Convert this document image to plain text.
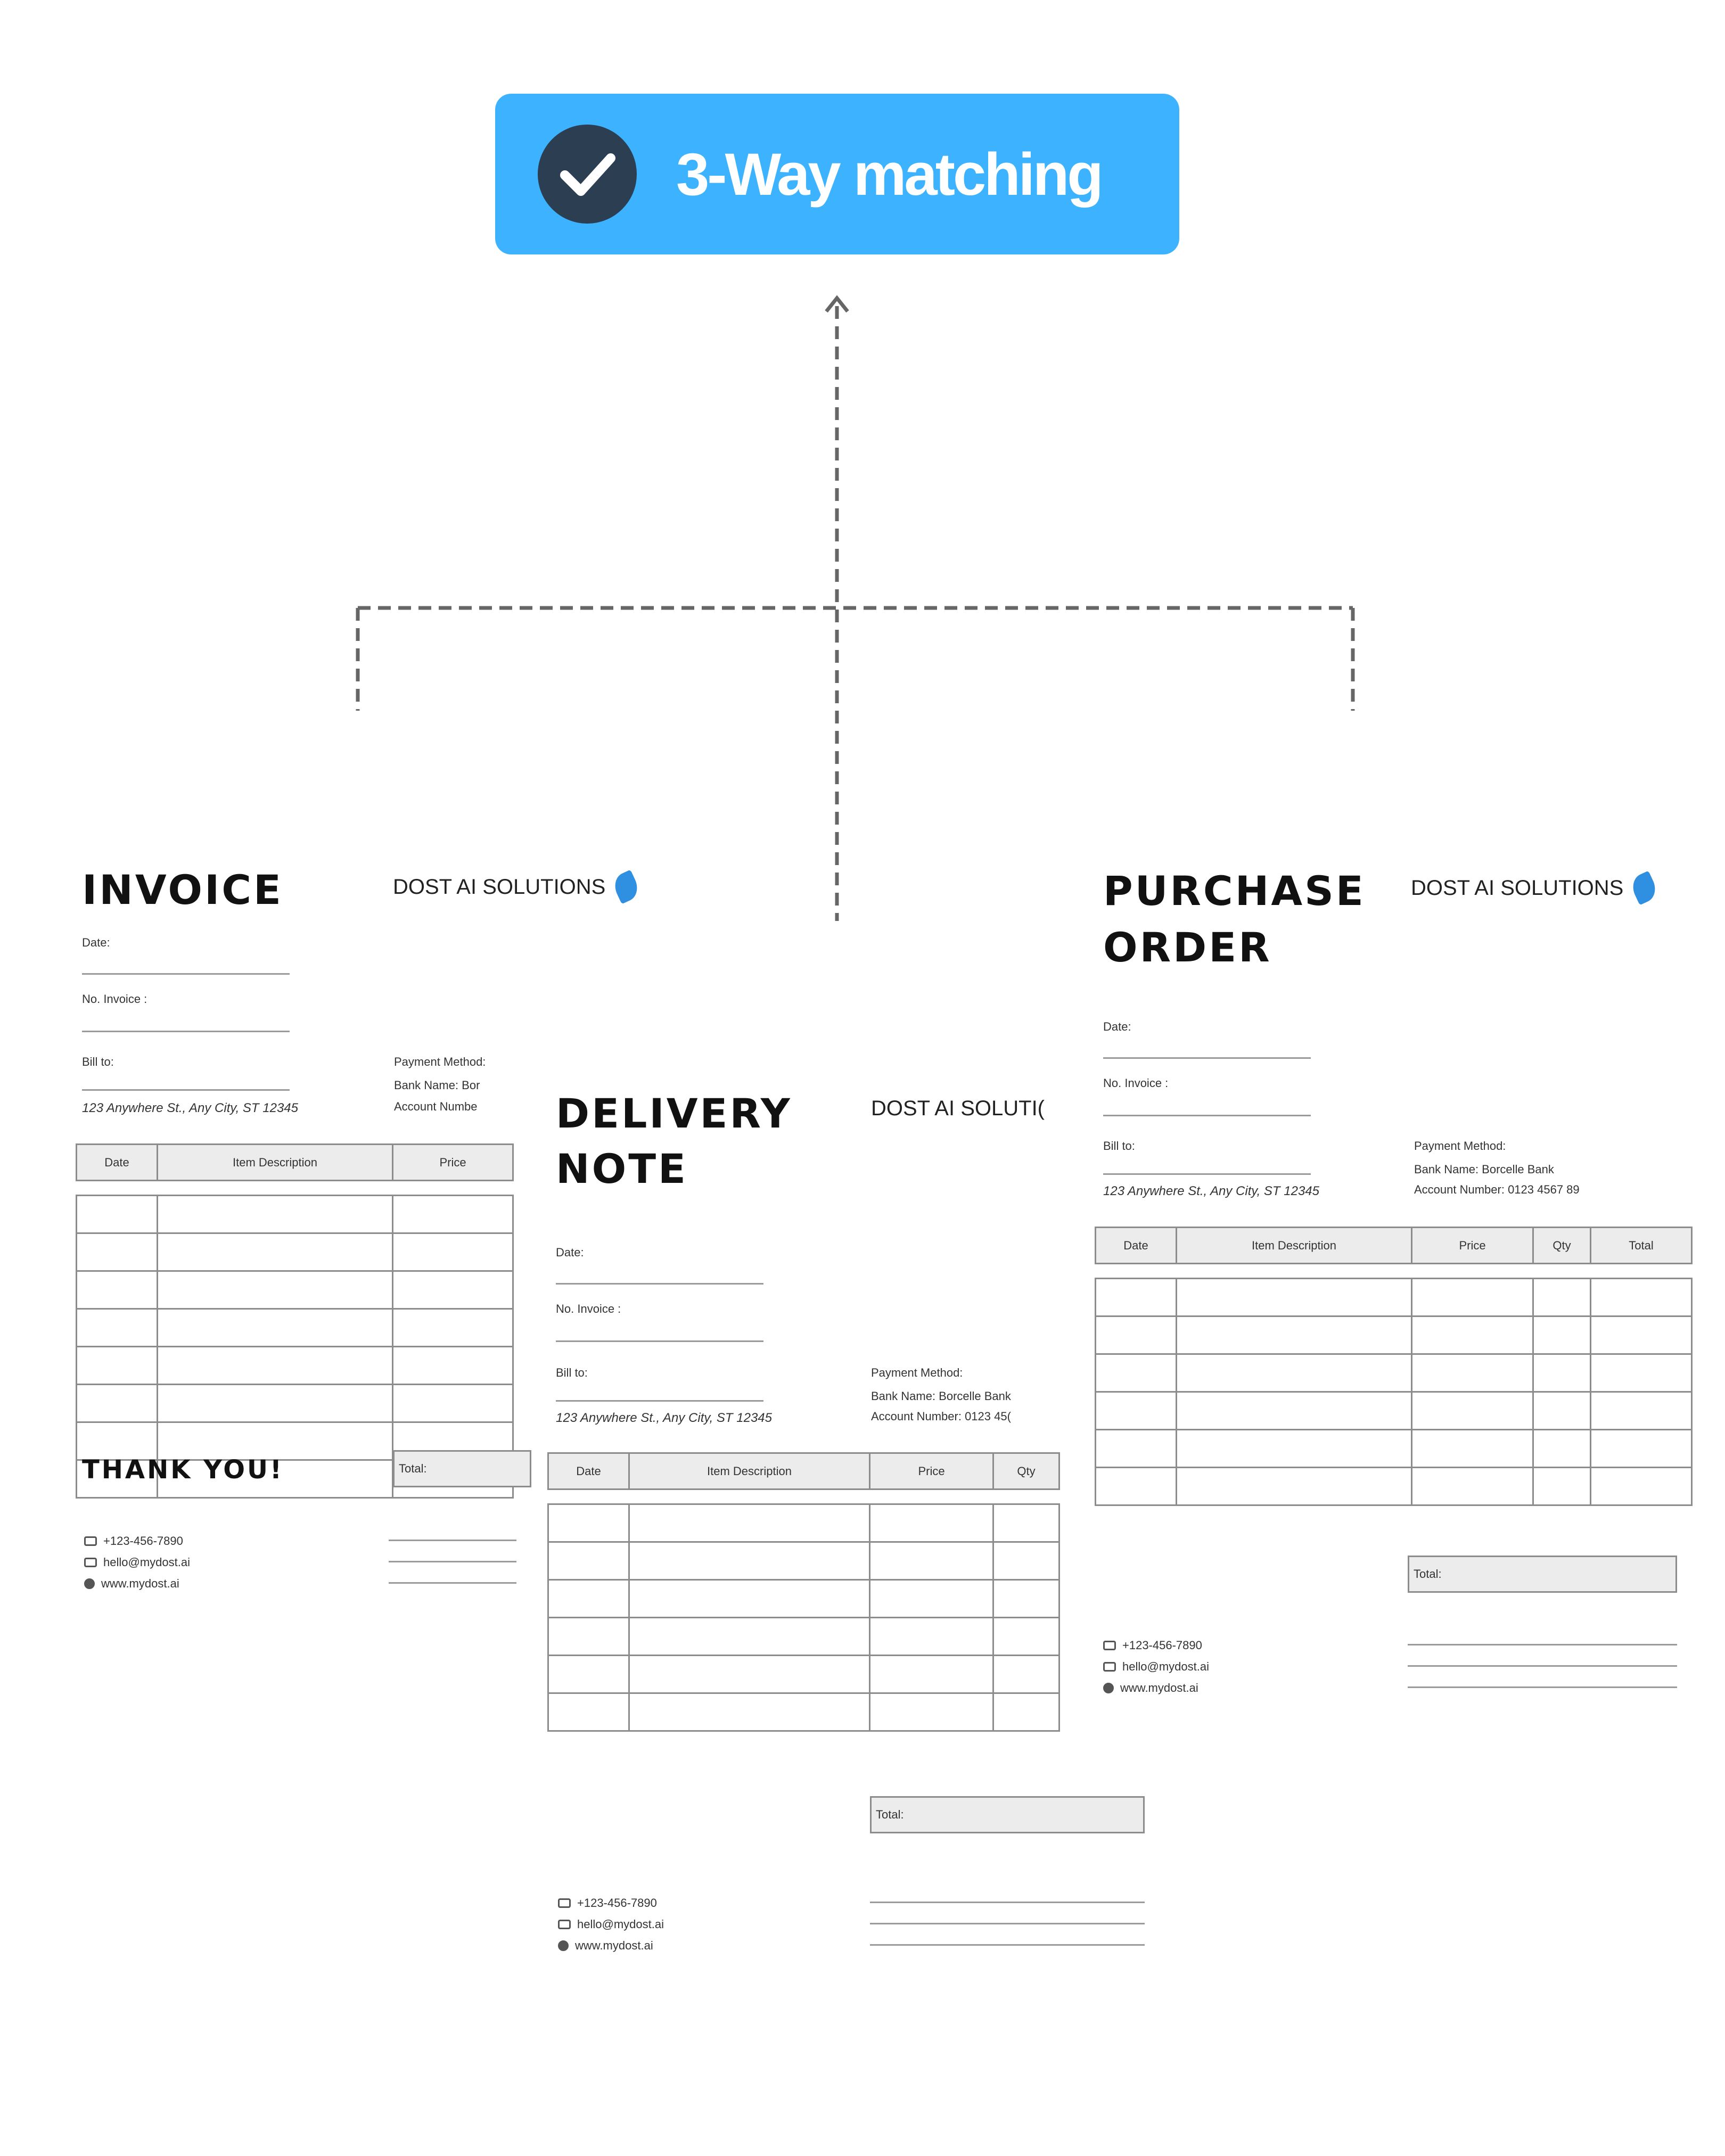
3-Way matching
INVOICE	DOST AI SOLUTIONS
Date:
No. Invoice :
Bill to:
123 Anywhere St., Any City, ST 12345
Payment Method:
Bank Name: Bor
Account Numbe
Date	Item Description	Price

THANK YOU!	Total:
+123-456-7890
hello@mydost.ai
www.mydost.ai
PURCHASE
ORDER
DOST AI SOLUTIONS
Date:
No. Invoice :
Bill to:
123 Anywhere St., Any City, ST 12345
Payment Method:
Bank Name: Borcelle Bank
Account Number: 0123 4567 89
Date	Item Description	Price	Qty	Total

Total:
+123-456-7890
hello@mydost.ai
www.mydost.ai
DELIVERY
NOTE
DOST AI SOLUTI(
Date:
No. Invoice :
Bill to:
123 Anywhere St., Any City, ST 12345
Payment Method:
Bank Name: Borcelle Bank
Account Number: 0123 45(
Date	Item Description	Price	Qty

Total:
+123-456-7890
hello@mydost.ai
www.mydost.ai
